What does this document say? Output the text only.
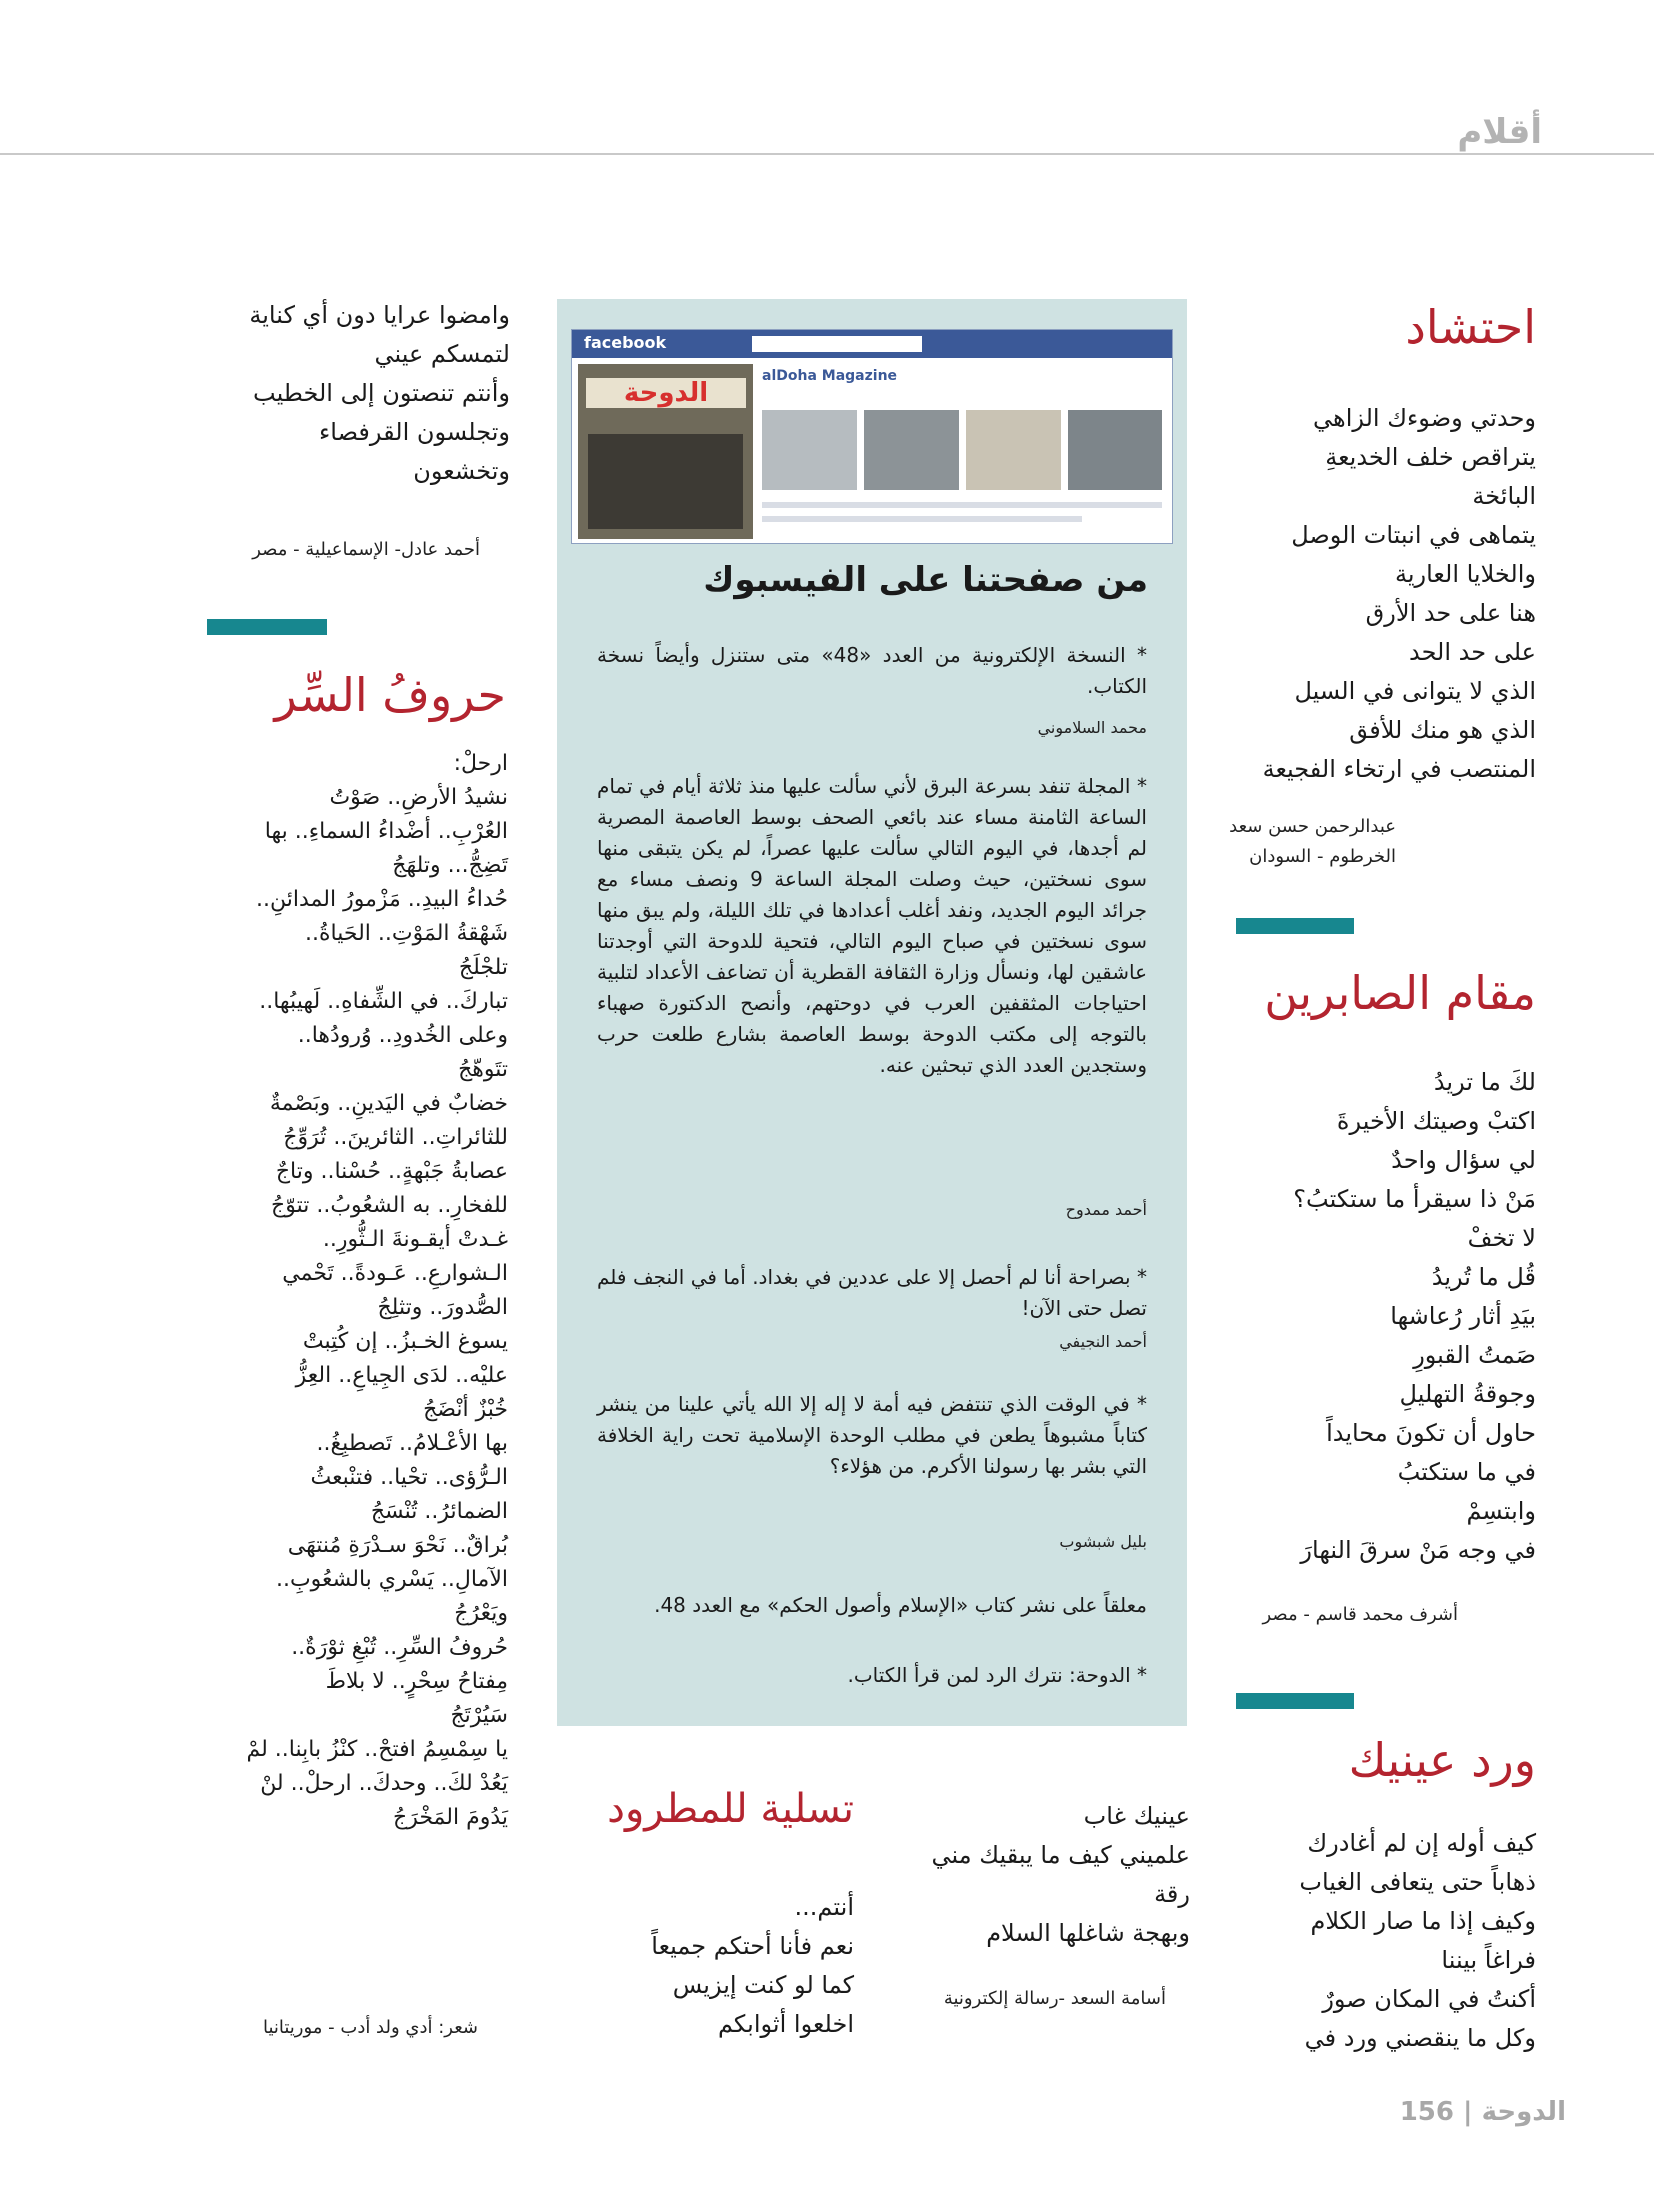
أقلام
احتشاد
وحدتي وضوءك الزاهي
يتراقص خلف الخديعةِ
البائخة
يتماهى في انبتات الوصل
والخلايا العارية
هنا على حد الأرق
على حد الحد
الذي لا يتوانى في السيل
الذي هو منك للأفق
المنتصب في ارتخاء الفجيعة
عبدالرحمن حسن سعد
الخرطوم - السودان
مقام الصابرين
لكَ ما تريدُ
اكتبْ وصيتك الأخيرةَ
لي سؤال واحدٌ
مَنْ ذا سيقرأ ما ستكتبُ؟
لا تخفْ
قُل ما تُريدُ
بيَدِ أثار رُعاشها
صَمتُ القبورِ
وجوقةُ التهليلِ
حاول أن تكونَ محايداً
في ما ستكتبُ
وابتسِمْ
في وجه مَنْ سرقَ النهارَ
أشرف محمد قاسم - مصر
ورد عينيك
كيف أوله إن لم أغادرك
ذهاباً حتى يتعافى الغياب
وكيف إذا ما صار الكلام
فراغاً بيننا
أكنتُ في المكان صورٌ
وكل ما ينقصني ورد في
عينيك غاب
علميني كيف ما يبقيك مني
رقة
وبهجة شاغلها السلام
أسامة السعد -رسالة إلكترونية
facebook
الدوحة
alDoha Magazine
من صفحتنا على الفيسبوك
* النسخة الإلكترونية من العدد «48» متى ستنزل وأيضاً نسخة الكتاب.
محمد السلاموني
* المجلة تنفد بسرعة البرق لأني سألت عليها منذ ثلاثة أيام في تمام الساعة الثامنة مساء عند بائعي الصحف بوسط العاصمة المصرية لم أجدها، في اليوم التالي سألت عليها عصراً، لم يكن يتبقى منها سوى نسختين، حيث وصلت المجلة الساعة 9 ونصف مساء مع جرائد اليوم الجديد، ونفد أغلب أعدادها في تلك الليلة، ولم يبق منها سوى نسختين في صباح اليوم التالي، فتحية للدوحة التي أوجدتنا عاشقين لها، ونسأل وزارة الثقافة القطرية أن تضاعف الأعداد لتلبية احتياجات المثقفين العرب في دوحتهم، وأنصح الدكتورة صهباء بالتوجه إلى مكتب الدوحة بوسط العاصمة بشارع طلعت حرب وستجدين العدد الذي تبحثين عنه.
أحمد ممدوح
* بصراحة أنا لم أحصل إلا على عددين في بغداد. أما في النجف فلم تصل حتى الآن!
أحمد النجيفي
* في الوقت الذي تنتفض فيه أمة لا إله إلا الله يأتي علينا من ينشر كتاباً مشبوهاً يطعن في مطلب الوحدة الإسلامية تحت راية الخلافة التي بشر بها رسولنا الأكرم. من هؤلاء؟
بليل شبشوب
معلقاً على نشر كتاب «الإسلام وأصول الحكم» مع العدد 48.
* الدوحة: نترك الرد لمن قرأ الكتاب.
تسلية للمطرود
أنتم...
نعم فأنا أحتكم جميعاً
كما لو كنت إيزيس
اخلعوا أثوابكم
وامضوا عرايا دون أي كناية
لتمسكم عيني
وأنتم تنصتون إلى الخطيب
وتجلسون القرفصاء
وتخشعون
أحمد عادل- الإسماعيلية - مصر
حروفُ السِّر
ارحلْ:
نشيدُ الأرضِ.. صَوْتُ
العُرْبِ.. أضْداءُ السماءِ.. بها
تَضِجُّ... وتلهَجُ
حُداءُ البيدِ.. مَزْمورُ المدائنِ..
شَهْقةُ المَوْتِ.. الحَياةُ..
تلجْلَجُ
تباركَ.. في الشِّفاهِ.. لَهيبُها..
وعلى الخُدودِ.. وُرودُها..
تتَوهّجُ
خضابٌ في اليَدينِ.. وبَصْمةٌ
للثائراتِ.. الثائرينَ.. تُرَوِّجُ
عصابةُ جَبْهةٍ.. حُسْنا.. وتاجٌ
للفخارِ.. به الشعُوبُ.. تتوّجُ
غـدتْ أيقـونةَ الـثُّورِ..
الـشوارعِ.. عَـودةً.. تَحْمي
الصُّدورَ.. وتثلِجُ
يسوغ الخـبزُ.. إن كُتِبتْ
عليْه.. لدَى الجِياعِ.. العِزُّ
خُبْزٌ أنْضَجُ
بها الأعْـلامُ.. تَصطبِغُ..
الـرُّؤى.. تحْيا.. فتنْبعثُ
الضمائرُ.. تُنْسَجُ
بُراقٌ.. نَحْوَ سـدْرَةِ مُنتهَى
الآمالِ.. يَسْري بالشعُوبِ..
ويَعْرُجُ
حُروفُ السِّرِ.. تُبْغِ ثوْرَةٌ..
مِفتاحُ سِحْرٍ.. لا بلاطَ
سَيُرْتَجُ
يا سِمْسِمُ افتحْ.. كنْزُ بابِنا.. لمْ
يَعُدْ لكَ.. وحدكَ.. ارحلْ.. لنْ
يَدُومَ المَخْرَجُ
شعر: أدي ولد أدب - موريتانيا
الدوحة | 156
